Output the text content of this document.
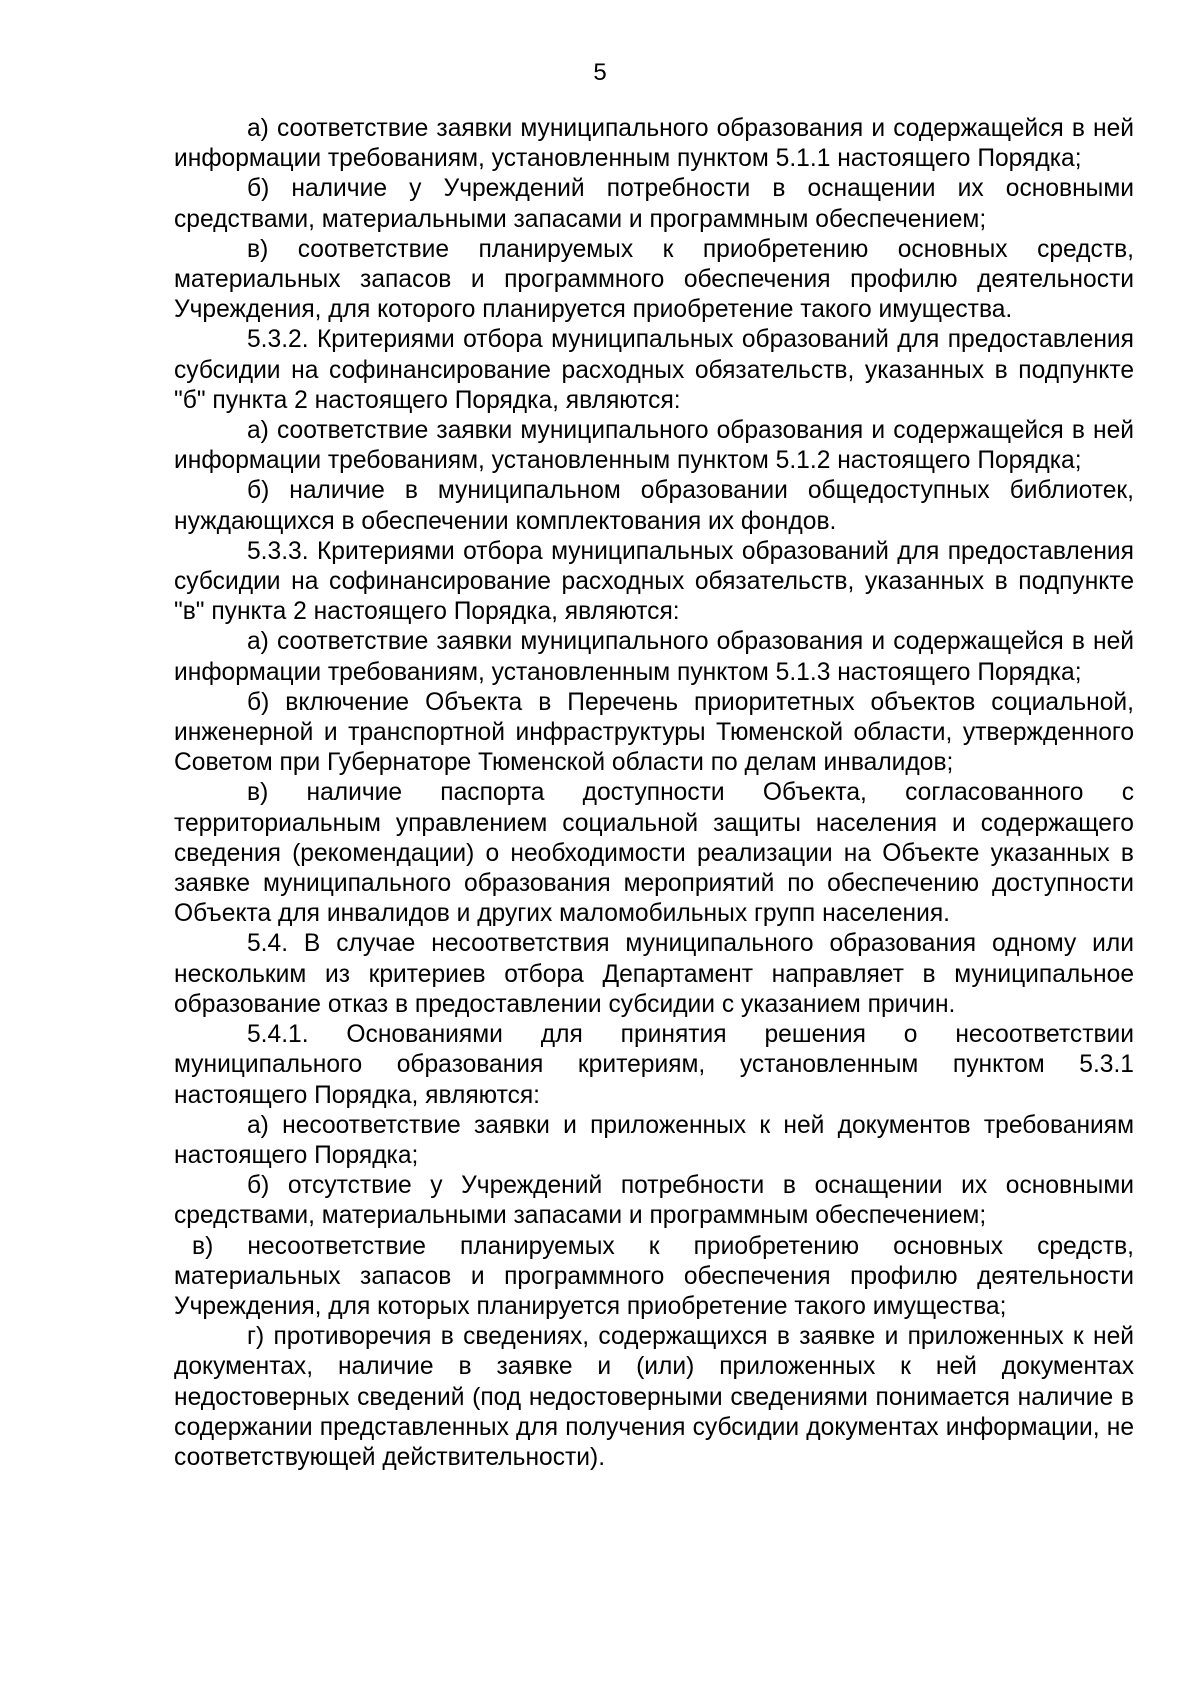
5

а) соответствие заявки муниципального образования и содержащейся в ней информации требованиям, установленным пунктом 5.1.1 настоящего Порядка;

б) наличие у Учреждений потребности в оснащении их основными средствами, материальными запасами и программным обеспечением;

в) соответствие планируемых к приобретению основных средств, материальных запасов и программного обеспечения профилю деятельности Учреждения, для которого планируется приобретение такого имущества.

5.3.2. Критериями отбора муниципальных образований для предоставления субсидии на софинансирование расходных обязательств, указанных в подпункте "б" пункта 2 настоящего Порядка, являются:

а) соответствие заявки муниципального образования и содержащейся в ней информации требованиям, установленным пунктом 5.1.2 настоящего Порядка;

б) наличие в муниципальном образовании общедоступных библиотек, нуждающихся в обеспечении комплектования их фондов.

5.3.3. Критериями отбора муниципальных образований для предоставления субсидии на софинансирование расходных обязательств, указанных в подпункте "в" пункта 2 настоящего Порядка, являются:

а) соответствие заявки муниципального образования и содержащейся в ней информации требованиям, установленным пунктом 5.1.3 настоящего Порядка;

б) включение Объекта в Перечень приоритетных объектов социальной, инженерной и транспортной инфраструктуры Тюменской области, утвержденного Советом при Губернаторе Тюменской области по делам инвалидов;

в) наличие паспорта доступности Объекта, согласованного с территориальным управлением социальной защиты населения и содержащего сведения (рекомендации) о необходимости реализации на Объекте указанных в заявке муниципального образования мероприятий по обеспечению доступности Объекта для инвалидов и других маломобильных групп населения.

5.4. В случае несоответствия муниципального образования одному или нескольким из критериев отбора Департамент направляет в муниципальное образование отказ в предоставлении субсидии с указанием причин.

5.4.1. Основаниями для принятия решения о несоответствии муниципального образования критериям, установленным пунктом 5.3.1 настоящего Порядка, являются:

а) несоответствие заявки и приложенных к ней документов требованиям настоящего Порядка;

б) отсутствие у Учреждений потребности в оснащении их основными средствами, материальными запасами и программным обеспечением;

в) несоответствие планируемых к приобретению основных средств, материальных запасов и программного обеспечения профилю деятельности Учреждения, для которых планируется приобретение такого имущества;

г) противоречия в сведениях, содержащихся в заявке и приложенных к ней документах, наличие в заявке и (или) приложенных к ней документах недостоверных сведений (под недостоверными сведениями понимается наличие в содержании представленных для получения субсидии документах информации, не соответствующей действительности).
